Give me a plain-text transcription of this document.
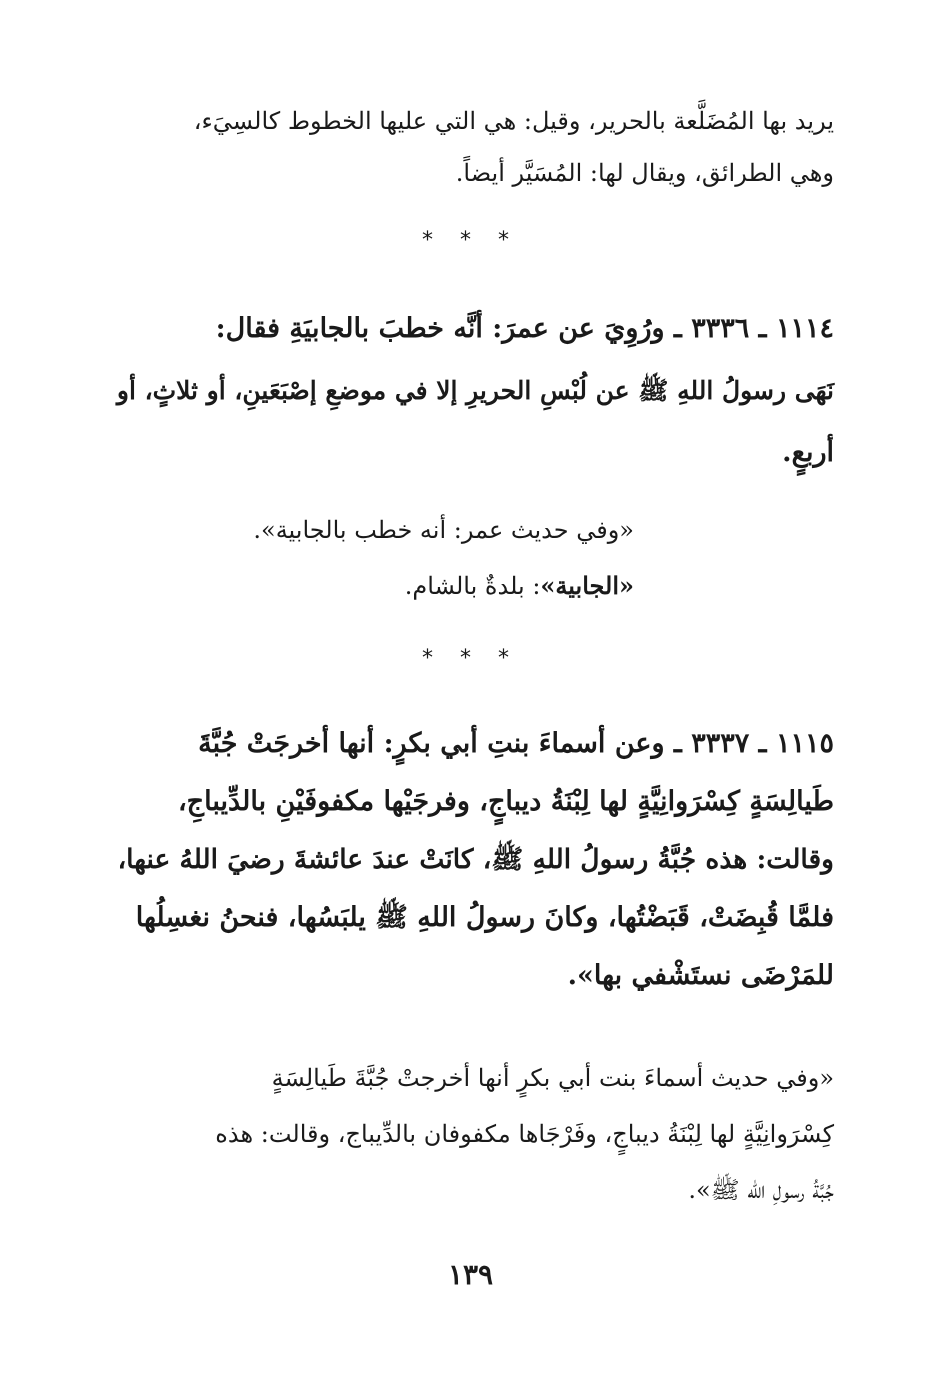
يريد بها المُضَلَّعة بالحرير، وقيل: هي التي عليها الخطوط كالسِيَ‌ء،
وهي الطرائق، ويقال لها: المُسَيَّر أيضاً.
* * *
١١١٤ ـ ٣٣٣٦ ـ ورُوِيَ عن عمرَ: أنَّه خطبَ بالجابيَةِ فقال:
نَهَى رسولُ اللهِ ﷺ عن لُبْسِ الحريرِ إلا في موضعِ إصْبَعَينِ، أو ثلاثٍ، أو
أربعٍ.
«وفي حديث عمر: أنه خطب بالجابية».
«الجابية»: بلدةٌ بالشام.
* * *
١١١٥ ـ ٣٣٣٧ ـ وعن أسماءَ بنتِ أبي بكرٍ: أنها أخرجَتْ جُبَّةَ
طَيالِسَةٍ كِسْرَوانِيَّةٍ لها لِبْنَةُ ديباجٍ، وفرجَيْها مكفوفَيْنِ بالدِّيباجِ،
وقالت: هذه جُبَّةُ رسولُ اللهِ ﷺ، كانَتْ عندَ عائشةَ رضيَ اللهُ عنها،
فلمَّا قُبِضَتْ، قَبَضْتُها، وكانَ رسولُ اللهِ ﷺ يلبَسُها، فنحنُ نغسِلُها
للمَرْضَى نستَشْفي بها».
«وفي حديث أسماءَ بنت أبي بكرٍ أنها أخرجتْ جُبَّةَ طَيالِسَةٍ
كِسْرَوانِيَّةٍ لها لِبْنَةُ ديباجٍ، وفَرْجَاها مكفوفان بالدِّيباج، وقالت: هذه
جُبَّةُ رسولِ الله ﷺ».
١٣٩
